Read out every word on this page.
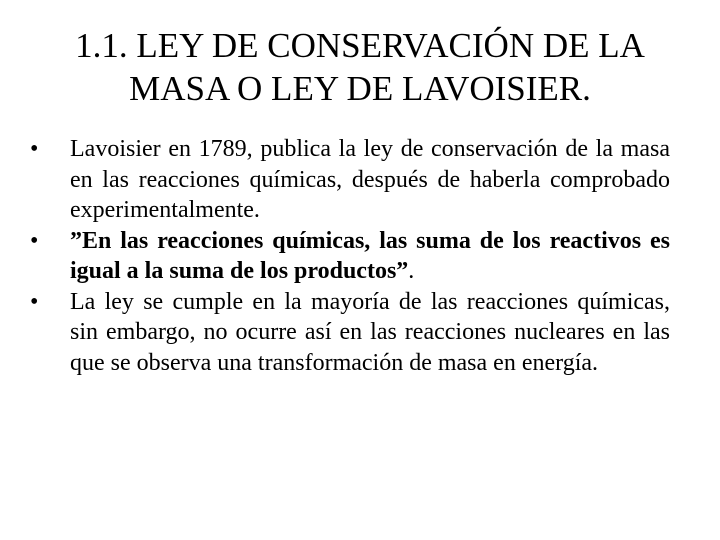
1.1. LEY DE CONSERVACIÓN DE LA
MASA O LEY DE LAVOISIER.
•	Lavoisier en 1789, publica la ley de conservación de la masa en las reacciones químicas, después de haberla comprobado experimentalmente.
•	”En las reacciones químicas, las suma de los reactivos es igual a la suma de los productos”.
•	La ley se cumple en la mayoría de las reacciones químicas, sin embargo, no ocurre así en las reacciones nucleares en las que se observa una transformación de masa en energía.
